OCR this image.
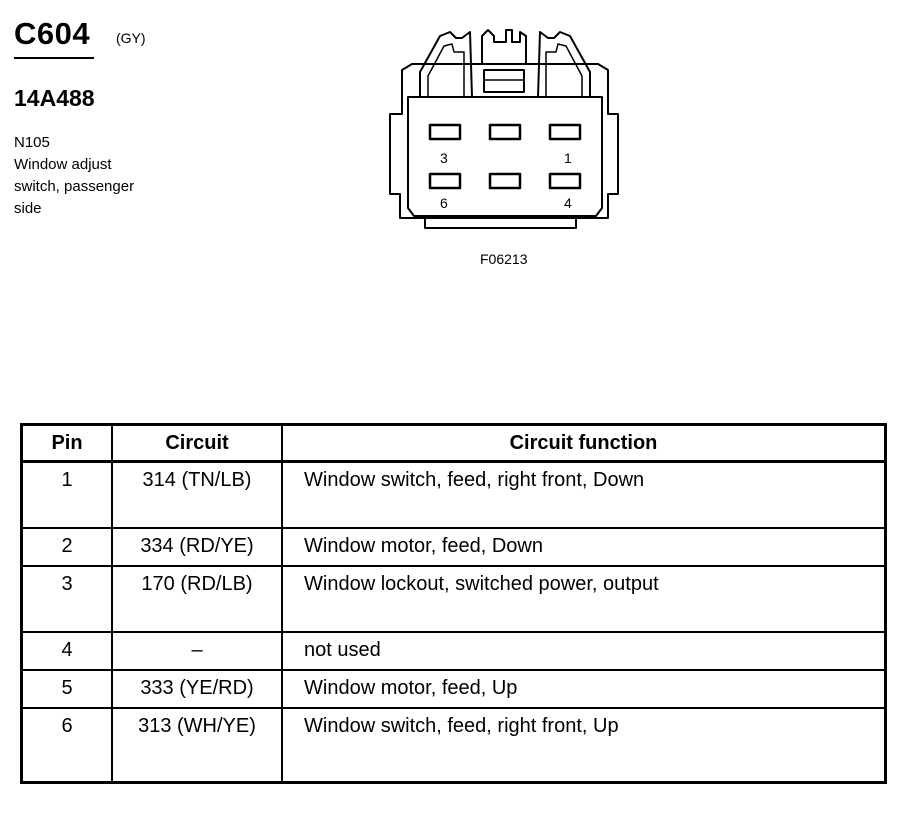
C604 (GY)
14A488
N105
Window adjust
switch, passenger
side
3	1
6	4
F06213
Pin	Circuit	Circuit function
1	314 (TN/LB)	Window switch, feed, right front, Down
2	334 (RD/YE)	Window motor, feed, Down
3	170 (RD/LB)	Window lockout, switched power, output
4	–	not used
5	333 (YE/RD)	Window motor, feed, Up
6	313 (WH/YE)	Window switch, feed, right front, Up
